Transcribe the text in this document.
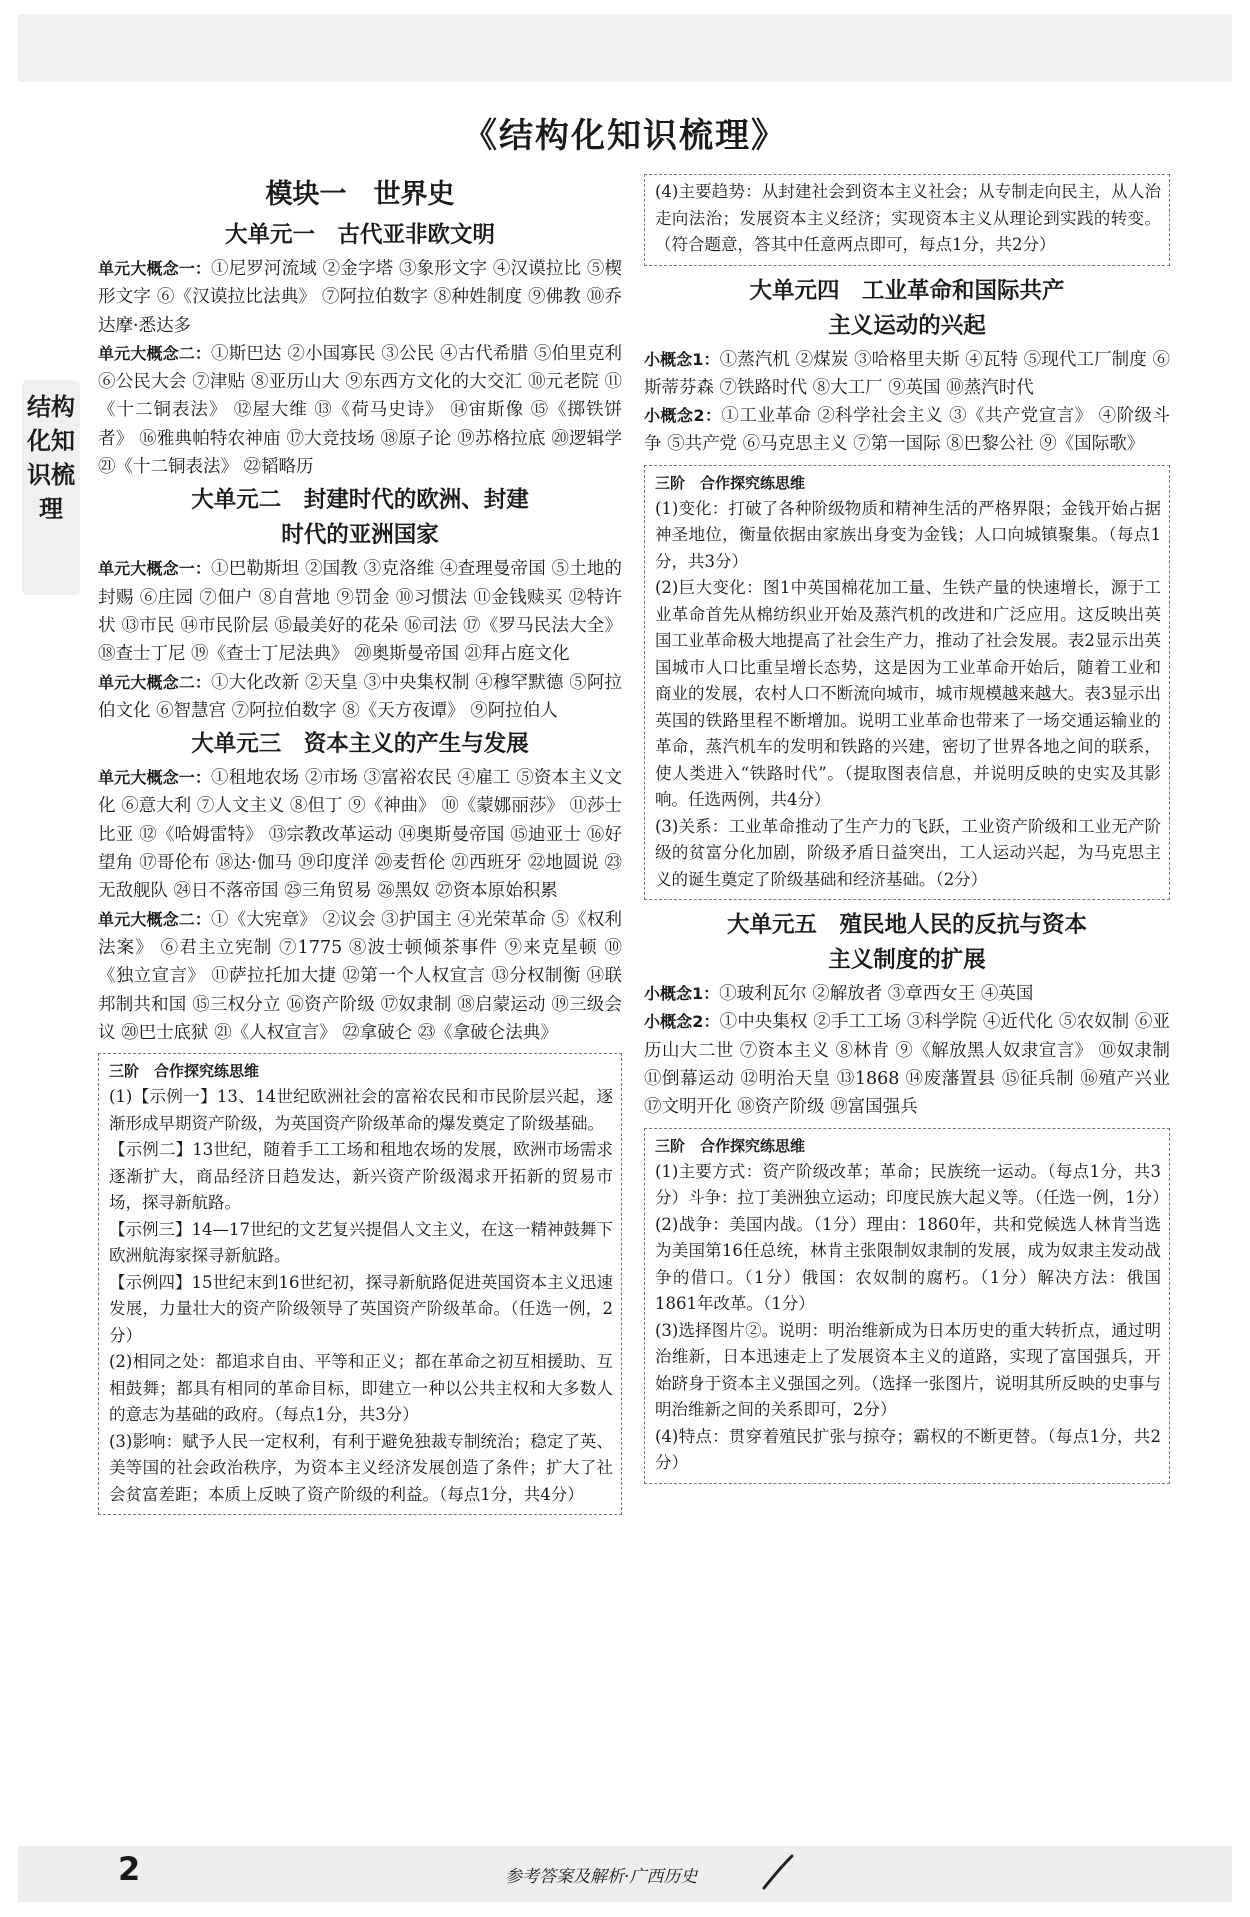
《结构化知识梳理》
结构化知识梳理
模块一　世界史
大单元一　古代亚非欧文明

单元大概念一：①尼罗河流域 ②金字塔 ③象形文字 ④汉谟拉比 ⑤楔形文字 ⑥《汉谟拉比法典》 ⑦阿拉伯数字 ⑧种姓制度 ⑨佛教 ⑩乔达摩·悉达多

单元大概念二：①斯巴达 ②小国寡民 ③公民 ④古代希腊 ⑤伯里克利 ⑥公民大会 ⑦津贴 ⑧亚历山大 ⑨东西方文化的大交汇 ⑩元老院 ⑪《十二铜表法》 ⑫屋大维 ⑬《荷马史诗》 ⑭宙斯像 ⑮《掷铁饼者》 ⑯雅典帕特农神庙 ⑰大竞技场 ⑱原子论 ⑲苏格拉底 ⑳逻辑学 ㉑《十二铜表法》 ㉒韬略历

大单元二　封建时代的欧洲、封建
时代的亚洲国家

单元大概念一：①巴勒斯坦 ②国教 ③克洛维 ④查理曼帝国 ⑤土地的封赐 ⑥庄园 ⑦佃户 ⑧自营地 ⑨罚金 ⑩习惯法 ⑪金钱赎买 ⑫特许状 ⑬市民 ⑭市民阶层 ⑮最美好的花朵 ⑯司法 ⑰《罗马民法大全》 ⑱查士丁尼 ⑲《查士丁尼法典》 ⑳奥斯曼帝国 ㉑拜占庭文化

单元大概念二：①大化改新 ②天皇 ③中央集权制 ④穆罕默德 ⑤阿拉伯文化 ⑥智慧宫 ⑦阿拉伯数字 ⑧《天方夜谭》 ⑨阿拉伯人

大单元三　资本主义的产生与发展

单元大概念一：①租地农场 ②市场 ③富裕农民 ④雇工 ⑤资本主义文化 ⑥意大利 ⑦人文主义 ⑧但丁 ⑨《神曲》 ⑩《蒙娜丽莎》 ⑪莎士比亚 ⑫《哈姆雷特》 ⑬宗教改革运动 ⑭奥斯曼帝国 ⑮迪亚士 ⑯好望角 ⑰哥伦布 ⑱达·伽马 ⑲印度洋 ⑳麦哲伦 ㉑西班牙 ㉒地圆说 ㉓无敌舰队 ㉔日不落帝国 ㉕三角贸易 ㉖黑奴 ㉗资本原始积累

单元大概念二：①《大宪章》 ②议会 ③护国主 ④光荣革命 ⑤《权利法案》 ⑥君主立宪制 ⑦1775 ⑧波士顿倾茶事件 ⑨来克星顿 ⑩《独立宣言》 ⑪萨拉托加大捷 ⑫第一个人权宣言 ⑬分权制衡 ⑭联邦制共和国 ⑮三权分立 ⑯资产阶级 ⑰奴隶制 ⑱启蒙运动 ⑲三级会议 ⑳巴士底狱 ㉑《人权宣言》 ㉒拿破仑 ㉓《拿破仑法典》

三阶　合作探究练思维

(1)【示例一】13、14世纪欧洲社会的富裕农民和市民阶层兴起，逐渐形成早期资产阶级，为英国资产阶级革命的爆发奠定了阶级基础。

【示例二】13世纪，随着手工工场和租地农场的发展，欧洲市场需求逐渐扩大，商品经济日趋发达，新兴资产阶级渴求开拓新的贸易市场，探寻新航路。

【示例三】14—17世纪的文艺复兴提倡人文主义，在这一精神鼓舞下欧洲航海家探寻新航路。

【示例四】15世纪末到16世纪初，探寻新航路促进英国资本主义迅速发展，力量壮大的资产阶级领导了英国资产阶级革命。（任选一例，2分）

(2)相同之处：都追求自由、平等和正义；都在革命之初互相援助、互相鼓舞；都具有相同的革命目标，即建立一种以公共主权和大多数人的意志为基础的政府。（每点1分，共3分）

(3)影响：赋予人民一定权利，有利于避免独裁专制统治；稳定了英、美等国的社会政治秩序，为资本主义经济发展创造了条件；扩大了社会贫富差距；本质上反映了资产阶级的利益。（每点1分，共4分）

(4)主要趋势：从封建社会到资本主义社会；从专制走向民主，从人治走向法治；发展资本主义经济；实现资本主义从理论到实践的转变。（符合题意，答其中任意两点即可，每点1分，共2分）

大单元四　工业革命和国际共产
主义运动的兴起

小概念1：①蒸汽机 ②煤炭 ③哈格里夫斯 ④瓦特 ⑤现代工厂制度 ⑥斯蒂芬森 ⑦铁路时代 ⑧大工厂 ⑨英国 ⑩蒸汽时代

小概念2：①工业革命 ②科学社会主义 ③《共产党宣言》 ④阶级斗争 ⑤共产党 ⑥马克思主义 ⑦第一国际 ⑧巴黎公社 ⑨《国际歌》

三阶　合作探究练思维

(1)变化：打破了各种阶级物质和精神生活的严格界限；金钱开始占据神圣地位，衡量依据由家族出身变为金钱；人口向城镇聚集。（每点1分，共3分）

(2)巨大变化：图1中英国棉花加工量、生铁产量的快速增长，源于工业革命首先从棉纺织业开始及蒸汽机的改进和广泛应用。这反映出英国工业革命极大地提高了社会生产力，推动了社会发展。表2显示出英国城市人口比重呈增长态势，这是因为工业革命开始后，随着工业和商业的发展，农村人口不断流向城市，城市规模越来越大。表3显示出英国的铁路里程不断增加。说明工业革命也带来了一场交通运输业的革命，蒸汽机车的发明和铁路的兴建，密切了世界各地之间的联系，使人类进入“铁路时代”。（提取图表信息，并说明反映的史实及其影响。任选两例，共4分）

(3)关系：工业革命推动了生产力的飞跃，工业资产阶级和工业无产阶级的贫富分化加剧，阶级矛盾日益突出，工人运动兴起，为马克思主义的诞生奠定了阶级基础和经济基础。（2分）

大单元五　殖民地人民的反抗与资本
主义制度的扩展

小概念1：①玻利瓦尔 ②解放者 ③章西女王 ④英国

小概念2：①中央集权 ②手工工场 ③科学院 ④近代化 ⑤农奴制 ⑥亚历山大二世 ⑦资本主义 ⑧林肯 ⑨《解放黑人奴隶宣言》 ⑩奴隶制 ⑪倒幕运动 ⑫明治天皇 ⑬1868 ⑭废藩置县 ⑮征兵制 ⑯殖产兴业 ⑰文明开化 ⑱资产阶级 ⑲富国强兵

三阶　合作探究练思维

(1)主要方式：资产阶级改革；革命；民族统一运动。（每点1分，共3分）斗争：拉丁美洲独立运动；印度民族大起义等。（任选一例，1分）

(2)战争：美国内战。（1分）理由：1860年，共和党候选人林肯当选为美国第16任总统，林肯主张限制奴隶制的发展，成为奴隶主发动战争的借口。（1分）俄国：农奴制的腐朽。（1分）解决方法：俄国1861年改革。（1分）

(3)选择图片②。说明：明治维新成为日本历史的重大转折点，通过明治维新，日本迅速走上了发展资本主义的道路，实现了富国强兵，开始跻身于资本主义强国之列。（选择一张图片，说明其所反映的史事与明治维新之间的关系即可，2分）

(4)特点：贯穿着殖民扩张与掠夺；霸权的不断更替。（每点1分，共2分）

2	参考答案及解析·广西历史
